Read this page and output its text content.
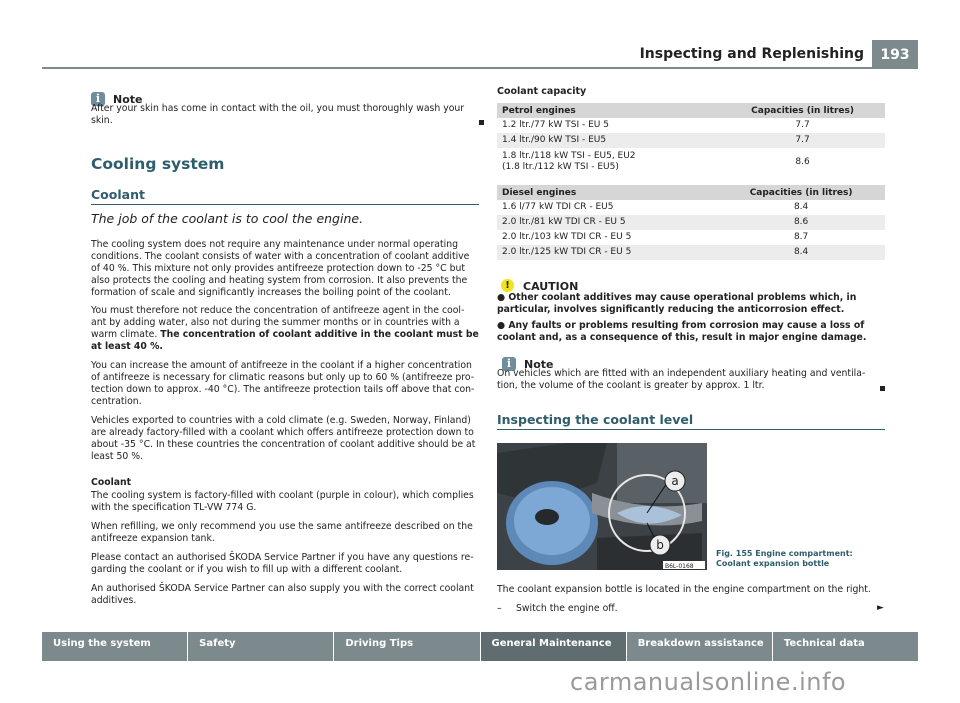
Inspecting and Replenishing	193
i Note

After your skin has come in contact with the oil, you must thoroughly wash your skin.

Cooling system
Coolant
The job of the coolant is to cool the engine.

The cooling system does not require any maintenance under normal operating conditions. The coolant consists of water with a concentration of coolant additive of 40 %. This mixture not only provides antifreeze protection down to -25 °C but also protects the cooling and heating system from corrosion. It also prevents the formation of scale and significantly increases the boiling point of the coolant.

You must therefore not reduce the concentration of antifreeze agent in the cool-ant by adding water, also not during the summer months or in countries with a warm climate. The concentration of coolant additive in the coolant must be at least 40 %.

You can increase the amount of antifreeze in the coolant if a higher concentration of antifreeze is necessary for climatic reasons but only up to 60 % (antifreeze pro-tection down to approx. -40 °C). The antifreeze protection tails off above that con-centration.

Vehicles exported to countries with a cold climate (e.g. Sweden, Norway, Finland) are already factory-filled with a coolant which offers antifreeze protection down to about -35 °C. In these countries the concentration of coolant additive should be at least 50 %.

Coolant

The cooling system is factory-filled with coolant (purple in colour), which complies with the specification TL-VW 774 G.

When refilling, we only recommend you use the same antifreeze described on the antifreeze expansion tank.

Please contact an authorised ŠKODA Service Partner if you have any questions re-garding the coolant or if you wish to fill up with a different coolant.

An authorised ŠKODA Service Partner can also supply you with the correct coolant additives.

Coolant capacity
Petrol engines	Capacities (in litres)
1.2 ltr./77 kW TSI - EU 5	7.7
1.4 ltr./90 kW TSI - EU5	7.7
1.8 ltr./118 kW TSI - EU5, EU2
(1.8 ltr./112 kW TSI - EU5)	8.6
Diesel engines	Capacities (in litres)
1.6 l/77 kW TDI CR - EU5	8.4
2.0 ltr./81 kW TDI CR - EU 5	8.6
2.0 ltr./103 kW TDI CR - EU 5	8.7
2.0 ltr./125 kW TDI CR - EU 5	8.4
! CAUTION
● Other coolant additives may cause operational problems which, in particular, involves significantly reducing the anticorrosion effect.
● Any faults or problems resulting from corrosion may cause a loss of coolant and, as a consequence of this, result in major engine damage.
i Note

On vehicles which are fitted with an independent auxiliary heating and ventila-tion, the volume of the coolant is greater by approx. 1 ltr.

Inspecting the coolant level
a
b
B6L-0168
Fig. 155 Engine compartment: Coolant expansion bottle

The coolant expansion bottle is located in the engine compartment on the right.

– Switch the engine off.	►
Using the system	Safety	Driving Tips	General Maintenance	Breakdown assistance	Technical data
carmanualsonline.info
